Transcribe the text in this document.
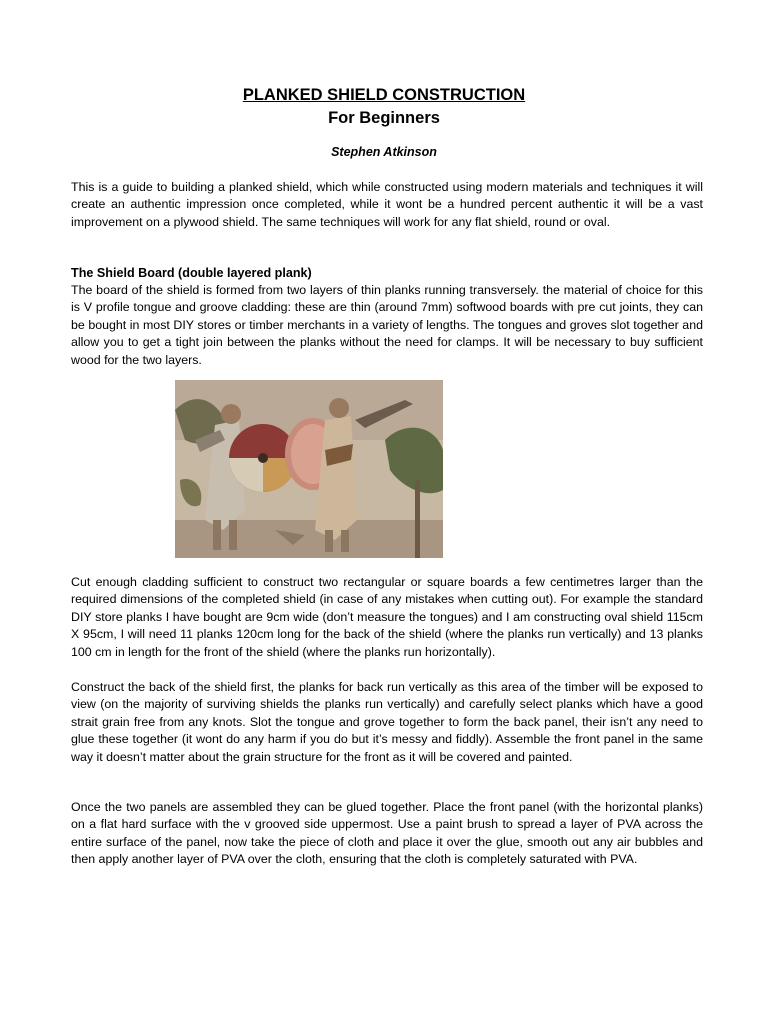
PLANKED SHIELD CONSTRUCTION
For Beginners
Stephen Atkinson

This is a guide to building a planked shield, which while constructed using modern materials and techniques it will create an authentic impression once completed, while it wont be a hundred percent authentic it will be a vast improvement on a plywood shield. The same techniques will work for any flat shield, round or oval.

The Shield Board (double layered plank)

The board of the shield is formed from two layers of thin planks running transversely. the material of choice for this is V profile tongue and groove cladding: these are thin (around 7mm) softwood boards with pre cut joints, they can be bought in most DIY stores or timber merchants in a variety of lengths. The tongues and groves slot together and allow you to get a tight join between the planks without the need for clamps. It will be necessary to buy sufficient wood for the two layers.

Cut enough cladding sufficient to construct two rectangular or square boards a few centimetres larger than the required dimensions of the completed shield (in case of any mistakes when cutting out). For example the standard DIY store planks I have bought are 9cm wide (don’t measure the tongues) and I am constructing oval shield 115cm X 95cm, I will need 11 planks 120cm long for the back of the shield (where the planks run vertically) and 13 planks 100 cm in length for the front of the shield (where the planks run horizontally).

Construct the back of the shield first, the planks for back run vertically as this area of the timber will be exposed to view (on the majority of surviving shields the planks run vertically) and carefully select planks which have a good strait grain free from any knots. Slot the tongue and grove together to form the back panel, their isn’t any need to glue these together (it wont do any harm if you do but it’s messy and fiddly). Assemble the front panel in the same way it doesn’t matter about the grain structure for the front as it will be covered and painted.

Once the two panels are assembled they can be glued together. Place the front panel (with the horizontal planks) on a flat hard surface with the v grooved side uppermost. Use a paint brush to spread a layer of PVA across the entire surface of the panel, now take the piece of cloth and place it over the glue, smooth out any air bubbles and then apply another layer of PVA over the cloth, ensuring that the cloth is completely saturated with PVA.
